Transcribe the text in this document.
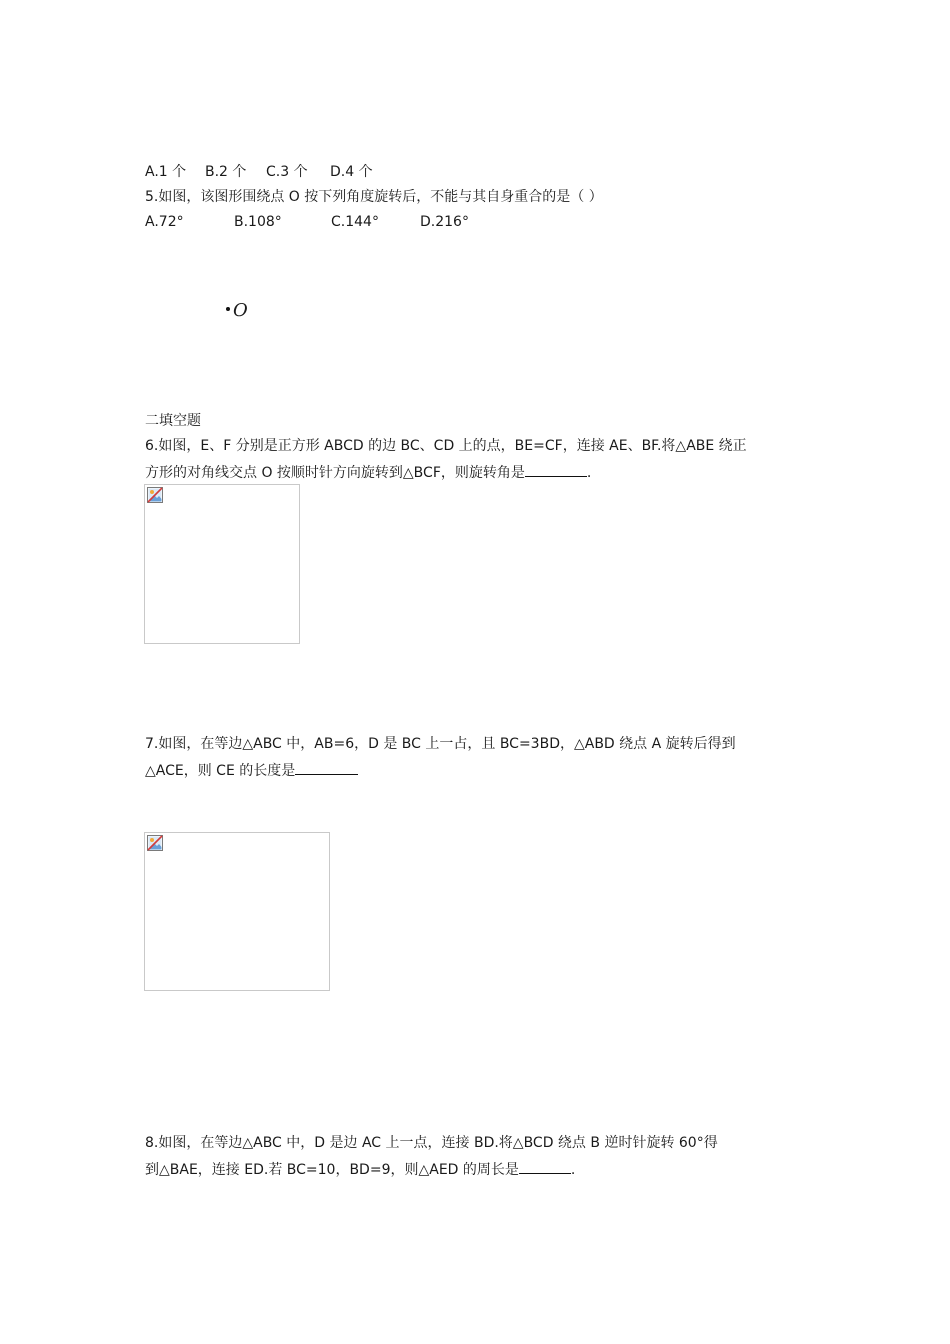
A.1 个 B.2 个 C.3 个 D.4 个
5.如图，该图形围绕点 O 按下列角度旋转后，不能与其自身重合的是（ ）
A.72°	B.108°	C.144°	D.216°
O
二填空题
6.如图，E、F 分别是正方形 ABCD 的边 BC、CD 上的点，BE=CF，连接 AE、BF.将△ABE 绕正
方形的对角线交点 O 按顺时针方向旋转到△BCF，则旋转角是	.
7.如图，在等边△ABC 中，AB=6，D 是 BC 上一占，且 BC=3BD，△ABD 绕点 A 旋转后得到
△ACE，则 CE 的长度是
8.如图，在等边△ABC 中，D 是边 AC 上一点，连接 BD.将△BCD 绕点 B 逆时针旋转 60°得
到△BAE，连接 ED.若 BC=10，BD=9，则△AED 的周长是	.
